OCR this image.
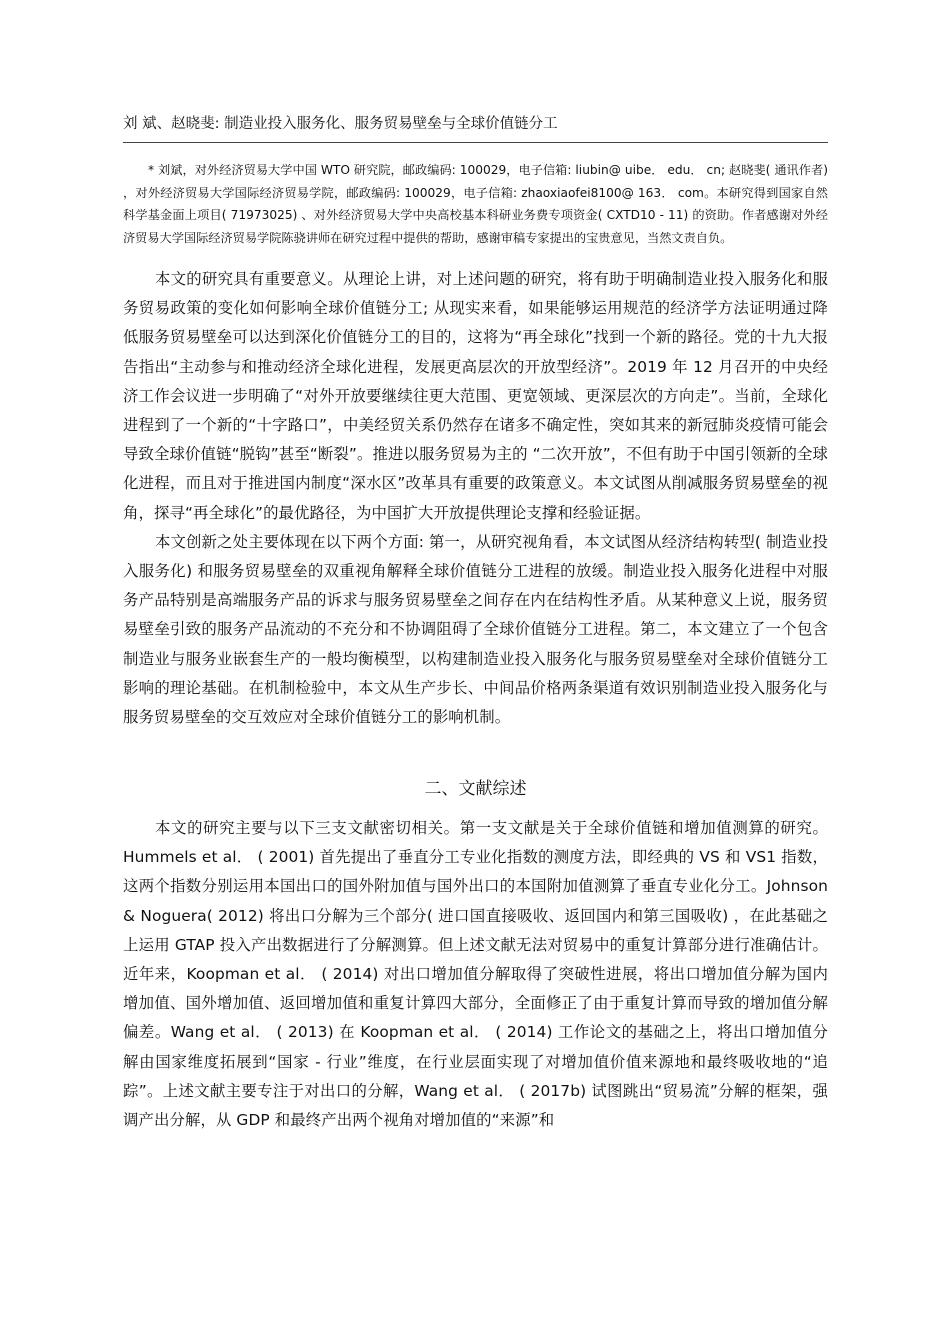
刘 斌、赵晓斐: 制造业投入服务化、服务贸易壁垒与全球价值链分工

* 刘斌，对外经济贸易大学中国 WTO 研究院，邮政编码: 100029，电子信箱: liubin@ uibe． edu． cn; 赵晓斐( 通讯作者) ，对外经济贸易大学国际经济贸易学院，邮政编码: 100029，电子信箱: zhaoxiaofei8100@ 163． com。本研究得到国家自然科学基金面上项目( 71973025) 、对外经济贸易大学中央高校基本科研业务费专项资金( CXTD10 - 11) 的资助。作者感谢对外经济贸易大学国际经济贸易学院陈骁讲师在研究过程中提供的帮助，感谢审稿专家提出的宝贵意见，当然文责自负。

本文的研究具有重要意义。从理论上讲，对上述问题的研究，将有助于明确制造业投入服务化和服务贸易政策的变化如何影响全球价值链分工; 从现实来看，如果能够运用规范的经济学方法证明通过降低服务贸易壁垒可以达到深化价值链分工的目的，这将为“再全球化”找到一个新的路径。党的十九大报告指出“主动参与和推动经济全球化进程，发展更高层次的开放型经济”。2019 年 12 月召开的中央经济工作会议进一步明确了“对外开放要继续往更大范围、更宽领域、更深层次的方向走”。当前，全球化进程到了一个新的“十字路口”，中美经贸关系仍然存在诸多不确定性，突如其来的新冠肺炎疫情可能会导致全球价值链“脱钩”甚至“断裂”。推进以服务贸易为主的 “二次开放”，不但有助于中国引领新的全球化进程，而且对于推进国内制度“深水区”改革具有重要的政策意义。本文试图从削减服务贸易壁垒的视角，探寻“再全球化”的最优路径，为中国扩大开放提供理论支撑和经验证据。

本文创新之处主要体现在以下两个方面: 第一，从研究视角看，本文试图从经济结构转型( 制造业投入服务化) 和服务贸易壁垒的双重视角解释全球价值链分工进程的放缓。制造业投入服务化进程中对服务产品特别是高端服务产品的诉求与服务贸易壁垒之间存在内在结构性矛盾。从某种意义上说，服务贸易壁垒引致的服务产品流动的不充分和不协调阻碍了全球价值链分工进程。第二，本文建立了一个包含制造业与服务业嵌套生产的一般均衡模型，以构建制造业投入服务化与服务贸易壁垒对全球价值链分工影响的理论基础。在机制检验中，本文从生产步长、中间品价格两条渠道有效识别制造业投入服务化与服务贸易壁垒的交互效应对全球价值链分工的影响机制。

二、文献综述

本文的研究主要与以下三支文献密切相关。第一支文献是关于全球价值链和增加值测算的研究。Hummels et al． ( 2001) 首先提出了垂直分工专业化指数的测度方法，即经典的 VS 和 VS1 指数，这两个指数分别运用本国出口的国外附加值与国外出口的本国附加值测算了垂直专业化分工。Johnson & Noguera( 2012) 将出口分解为三个部分( 进口国直接吸收、返回国内和第三国吸收) ，在此基础之上运用 GTAP 投入产出数据进行了分解测算。但上述文献无法对贸易中的重复计算部分进行准确估计。近年来，Koopman et al． ( 2014) 对出口增加值分解取得了突破性进展，将出口增加值分解为国内增加值、国外增加值、返回增加值和重复计算四大部分，全面修正了由于重复计算而导致的增加值分解偏差。Wang et al． ( 2013) 在 Koopman et al． ( 2014) 工作论文的基础之上，将出口增加值分解由国家维度拓展到“国家 - 行业”维度，在行业层面实现了对增加值价值来源地和最终吸收地的“追踪”。上述文献主要专注于对出口的分解，Wang et al． ( 2017b) 试图跳出“贸易流”分解的框架，强调产出分解，从 GDP 和最终产出两个视角对增加值的“来源”和
